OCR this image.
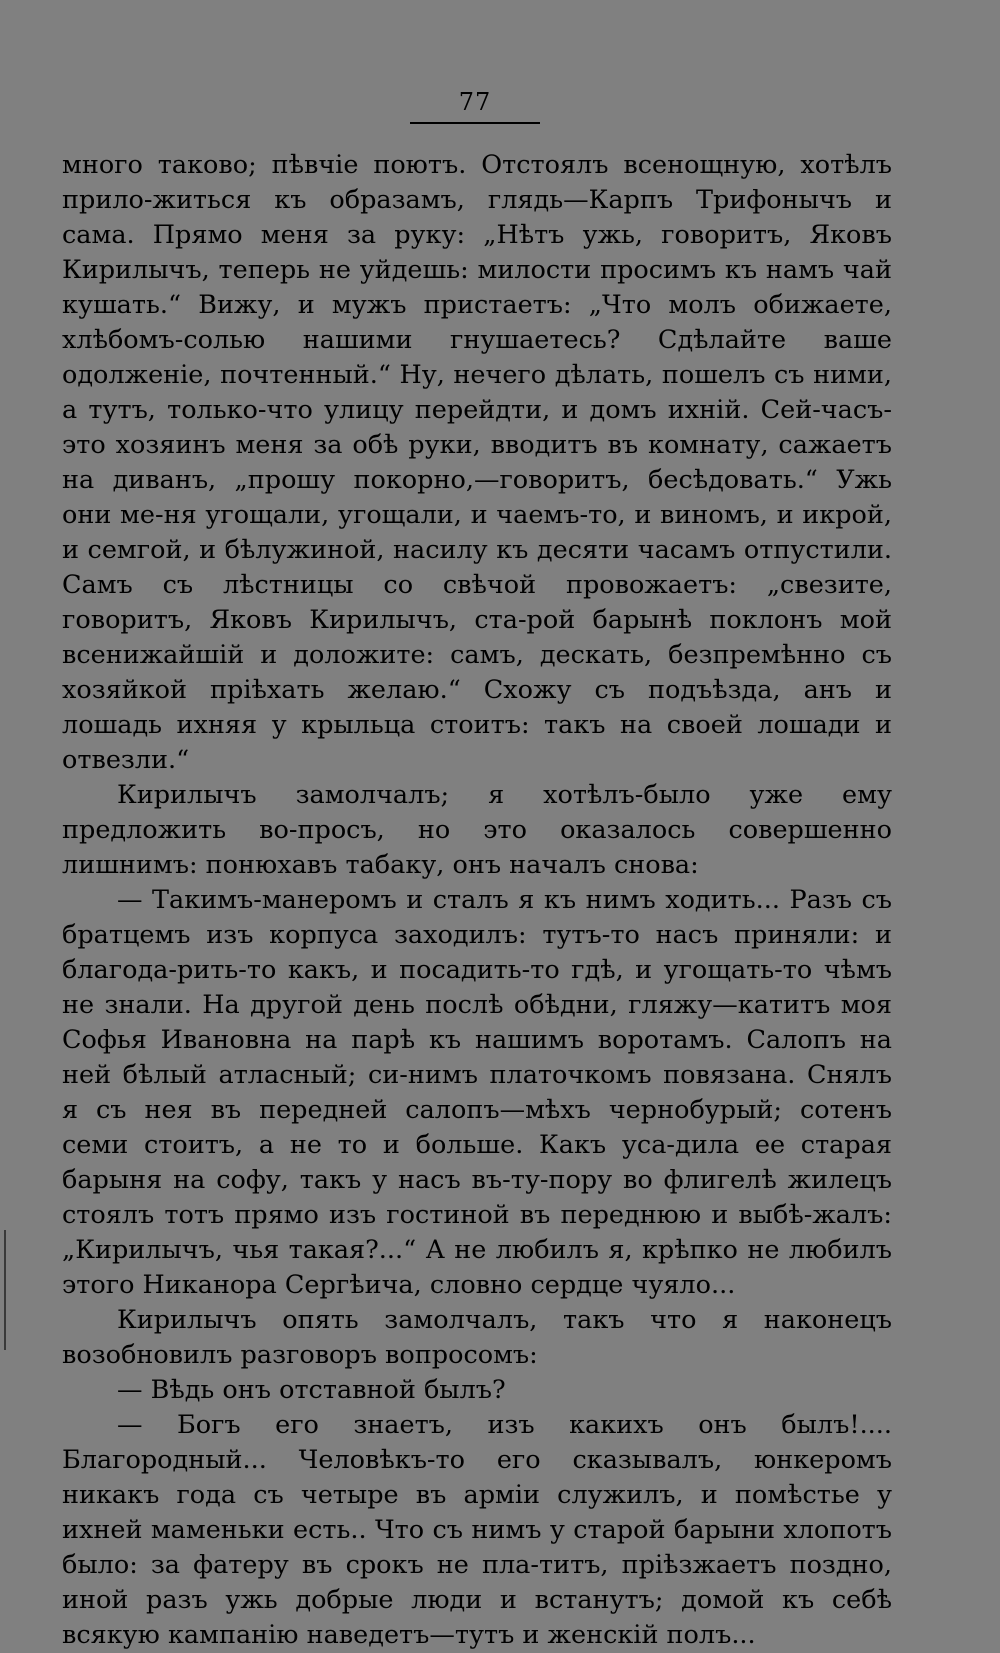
77

много таково; пѣвчіе поютъ. Отстоялъ всенощную, хотѣлъ прило-житься къ образамъ, глядь—Карпъ Трифонычъ и сама. Прямо меня за руку: „Нѣтъ ужь, говоритъ, Яковъ Кирилычъ, теперь не уйдешь: милости просимъ къ намъ чай кушать.“ Вижу, и мужъ пристаетъ: „Что молъ обижаете, хлѣбомъ-солью нашими гнушаетесь? Сдѣлайте ваше одолженіе, почтенный.“ Ну, нечего дѣлать, пошелъ съ ними, а тутъ, только-что улицу перейдти, и домъ ихній. Сей-часъ-это хозяинъ меня за обѣ руки, вводитъ въ комнату, сажаетъ на диванъ, „прошу покорно,—говоритъ, бесѣдовать.“ Ужь они ме-ня угощали, угощали, и чаемъ-то, и виномъ, и икрой, и семгой, и бѣлужиной, насилу къ десяти часамъ отпустили. Самъ съ лѣстницы со свѣчой провожаетъ: „свезите, говоритъ, Яковъ Кирилычъ, ста-рой барынѣ поклонъ мой всенижайшій и доложите: самъ, дескать, безпремѣнно съ хозяйкой пріѣхать желаю.“ Схожу съ подъѣзда, анъ и лошадь ихняя у крыльца стоитъ: такъ на своей лошади и отвезли.“

Кирилычъ замолчалъ; я хотѣлъ-было уже ему предложить во-просъ, но это оказалось совершенно лишнимъ: понюхавъ табаку, онъ началъ снова:

— Такимъ-манеромъ и сталъ я къ нимъ ходить... Разъ съ братцемъ изъ корпуса заходилъ: тутъ-то насъ приняли: и благода-рить-то какъ, и посадить-то гдѣ, и угощать-то чѣмъ не знали. На другой день послѣ обѣдни, гляжу—катитъ моя Софья Ивановна на парѣ къ нашимъ воротамъ. Салопъ на ней бѣлый атласный; си-нимъ платочкомъ повязана. Снялъ я съ нея въ передней салопъ—мѣхъ чернобурый; сотенъ семи стоитъ, а не то и больше. Какъ уса-дила ее старая барыня на софу, такъ у насъ въ-ту-пору во флигелѣ жилецъ стоялъ тотъ прямо изъ гостиной въ переднюю и выбѣ-жалъ: „Кирилычъ, чья такая?...“ А не любилъ я, крѣпко не любилъ этого Никанора Сергѣича, словно сердце чуяло...

Кирилычъ опять замолчалъ, такъ что я наконецъ возобновилъ разговоръ вопросомъ:

— Вѣдь онъ отставной былъ?

— Богъ его знаетъ, изъ какихъ онъ былъ!.... Благородный... Человѣкъ-то его сказывалъ, юнкеромъ никакъ года съ четыре въ арміи служилъ, и помѣстье у ихней маменьки есть.. Что съ нимъ у старой барыни хлопотъ было: за фатеру въ срокъ не пла-титъ, пріѣзжаетъ поздно, иной разъ ужь добрые люди и встанутъ; домой къ себѣ всякую кампанію наведетъ—тутъ и женскій полъ...
